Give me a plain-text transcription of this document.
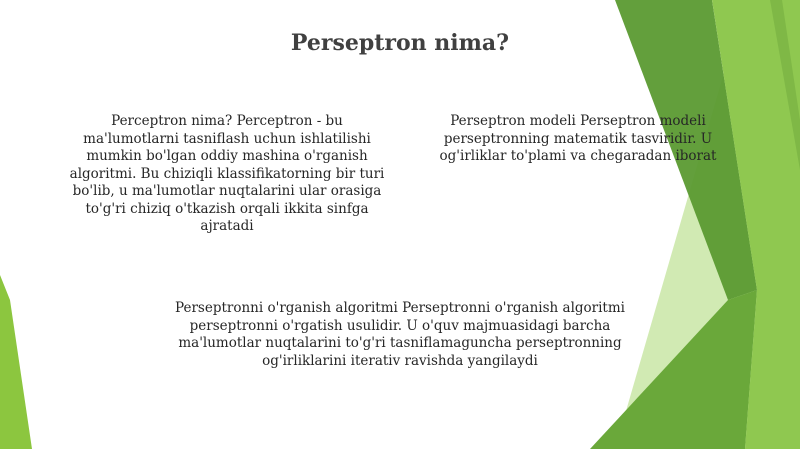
Perseptron nima?

Perceptron nima? Perceptron - bu ma'lumotlarni tasniflash uchun ishlatilishi mumkin bo'lgan oddiy mashina o'rganish algoritmi. Bu chiziqli klassifikatorning bir turi bo'lib, u ma'lumotlar nuqtalarini ular orasiga to'g'ri chiziq o'tkazish orqali ikkita sinfga ajratadi

Perseptron modeli Perseptron modeli perseptronning matematik tasviridir. U og'irliklar to'plami va chegaradan iborat

Perseptronni o'rganish algoritmi Perseptronni o'rganish algoritmi perseptronni o'rgatish usulidir. U o'quv majmuasidagi barcha ma'lumotlar nuqtalarini to'g'ri tasniflamaguncha perseptronning og'irliklarini iterativ ravishda yangilaydi
